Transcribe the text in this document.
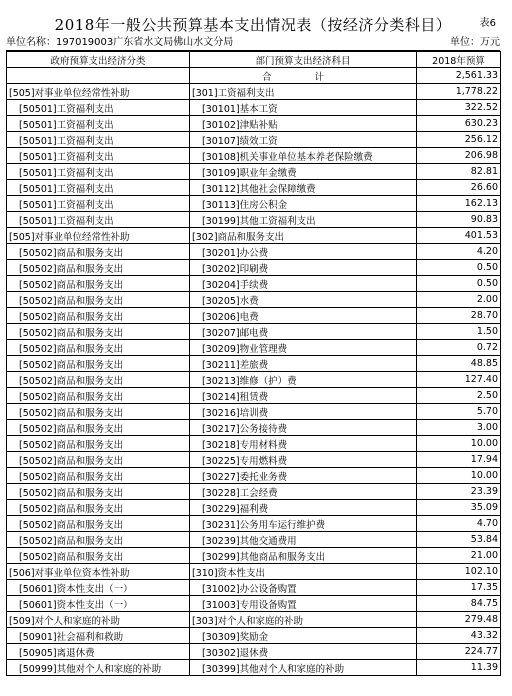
表6
2018年一般公共预算基本支出情况表（按经济分类科目）
单位名称：197019003广东省水文局佛山水文分局	单位：万元
政府预算支出经济分类	部门预算支出经济科目	2018年预算
	合 计	2,561.33
[505]对事业单位经常性补助	[301]工资福利支出	1,778.22
[50501]工资福利支出	[30101]基本工资	322.52
[50501]工资福利支出	[30102]津贴补贴	630.23
[50501]工资福利支出	[30107]绩效工资	256.12
[50501]工资福利支出	[30108]机关事业单位基本养老保险缴费	206.98
[50501]工资福利支出	[30109]职业年金缴费	82.81
[50501]工资福利支出	[30112]其他社会保障缴费	26.60
[50501]工资福利支出	[30113]住房公积金	162.13
[50501]工资福利支出	[30199]其他工资福利支出	90.83
[505]对事业单位经常性补助	[302]商品和服务支出	401.53
[50502]商品和服务支出	[30201]办公费	4.20
[50502]商品和服务支出	[30202]印刷费	0.50
[50502]商品和服务支出	[30204]手续费	0.50
[50502]商品和服务支出	[30205]水费	2.00
[50502]商品和服务支出	[30206]电费	28.70
[50502]商品和服务支出	[30207]邮电费	1.50
[50502]商品和服务支出	[30209]物业管理费	0.72
[50502]商品和服务支出	[30211]差旅费	48.85
[50502]商品和服务支出	[30213]维修（护）费	127.40
[50502]商品和服务支出	[30214]租赁费	2.50
[50502]商品和服务支出	[30216]培训费	5.70
[50502]商品和服务支出	[30217]公务接待费	3.00
[50502]商品和服务支出	[30218]专用材料费	10.00
[50502]商品和服务支出	[30225]专用燃料费	17.94
[50502]商品和服务支出	[30227]委托业务费	10.00
[50502]商品和服务支出	[30228]工会经费	23.39
[50502]商品和服务支出	[30229]福利费	35.09
[50502]商品和服务支出	[30231]公务用车运行维护费	4.70
[50502]商品和服务支出	[30239]其他交通费用	53.84
[50502]商品和服务支出	[30299]其他商品和服务支出	21.00
[506]对事业单位资本性补助	[310]资本性支出	102.10
[50601]资本性支出（一）	[31002]办公设备购置	17.35
[50601]资本性支出（一）	[31003]专用设备购置	84.75
[509]对个人和家庭的补助	[303]对个人和家庭的补助	279.48
[50901]社会福利和救助	[30309]奖励金	43.32
[50905]离退休费	[30302]退休费	224.77
[50999]其他对个人和家庭的补助	[30399]其他对个人和家庭的补助	11.39
